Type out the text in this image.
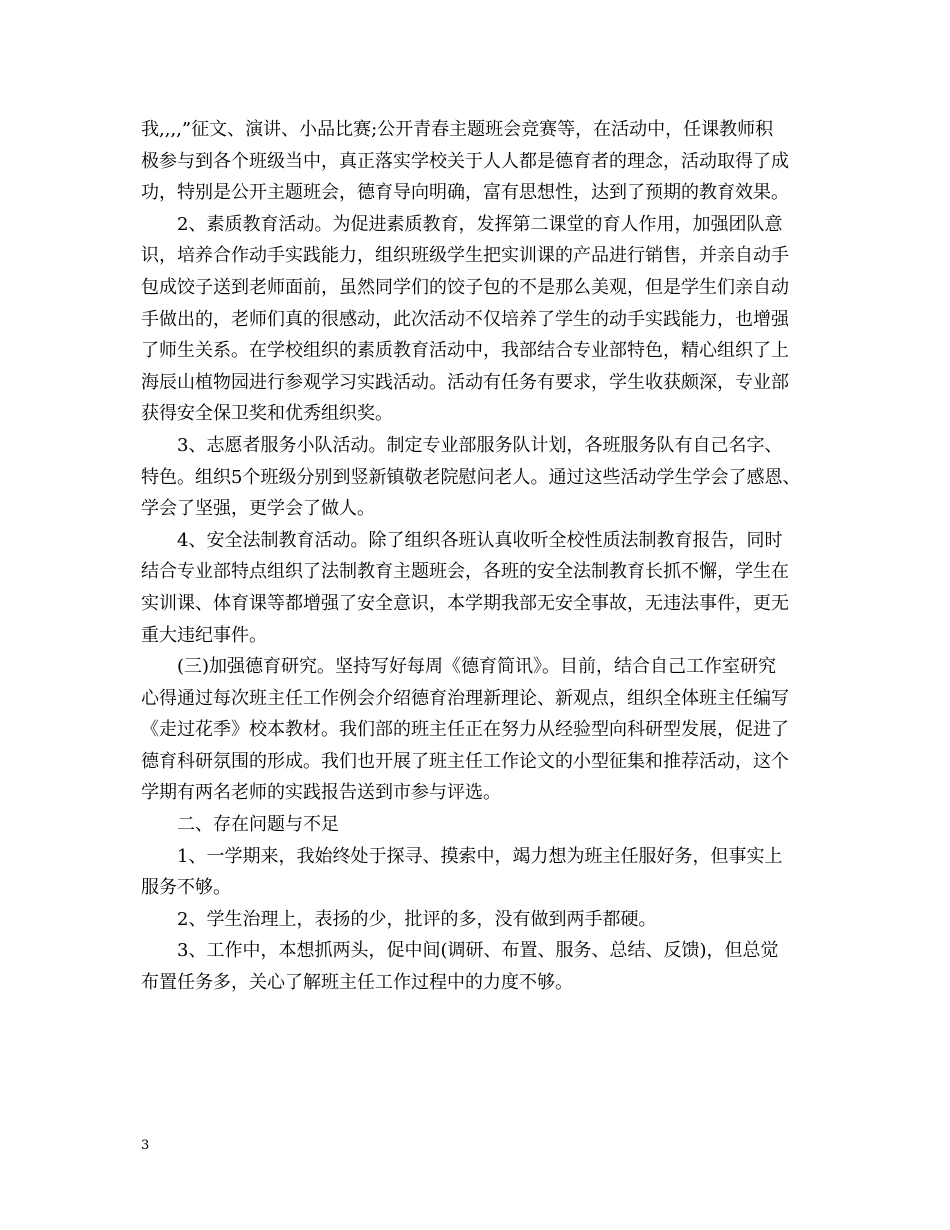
我,,,,”征文、演讲、小品比赛;公开青春主题班会竞赛等，在活动中，任课教师积
极参与到各个班级当中，真正落实学校关于人人都是德育者的理念，活动取得了成
功，特别是公开主题班会，德育导向明确，富有思想性，达到了预期的教育效果。
2、素质教育活动。为促进素质教育，发挥第二课堂的育人作用，加强团队意
识，培养合作动手实践能力，组织班级学生把实训课的产品进行销售，并亲自动手
包成饺子送到老师面前，虽然同学们的饺子包的不是那么美观，但是学生们亲自动
手做出的，老师们真的很感动，此次活动不仅培养了学生的动手实践能力，也增强
了师生关系。在学校组织的素质教育活动中，我部结合专业部特色，精心组织了上
海辰山植物园进行参观学习实践活动。活动有任务有要求，学生收获颇深，专业部
获得安全保卫奖和优秀组织奖。
3、志愿者服务小队活动。制定专业部服务队计划，各班服务队有自己名字、
特色。组织5个班级分别到竖新镇敬老院慰问老人。通过这些活动学生学会了感恩、
学会了坚强，更学会了做人。
4、安全法制教育活动。除了组织各班认真收听全校性质法制教育报告，同时
结合专业部特点组织了法制教育主题班会，各班的安全法制教育长抓不懈，学生在
实训课、体育课等都增强了安全意识，本学期我部无安全事故，无违法事件，更无
重大违纪事件。
(三)加强德育研究。坚持写好每周《德育简讯》。目前，结合自己工作室研究
心得通过每次班主任工作例会介绍德育治理新理论、新观点，组织全体班主任编写
《走过花季》校本教材。我们部的班主任正在努力从经验型向科研型发展，促进了
德育科研氛围的形成。我们也开展了班主任工作论文的小型征集和推荐活动，这个
学期有两名老师的实践报告送到市参与评选。
二、存在问题与不足
1、一学期来，我始终处于探寻、摸索中，竭力想为班主任服好务，但事实上
服务不够。
2、学生治理上，表扬的少，批评的多，没有做到两手都硬。
3、工作中，本想抓两头，促中间(调研、布置、服务、总结、反馈)，但总觉
布置任务多，关心了解班主任工作过程中的力度不够。
3
